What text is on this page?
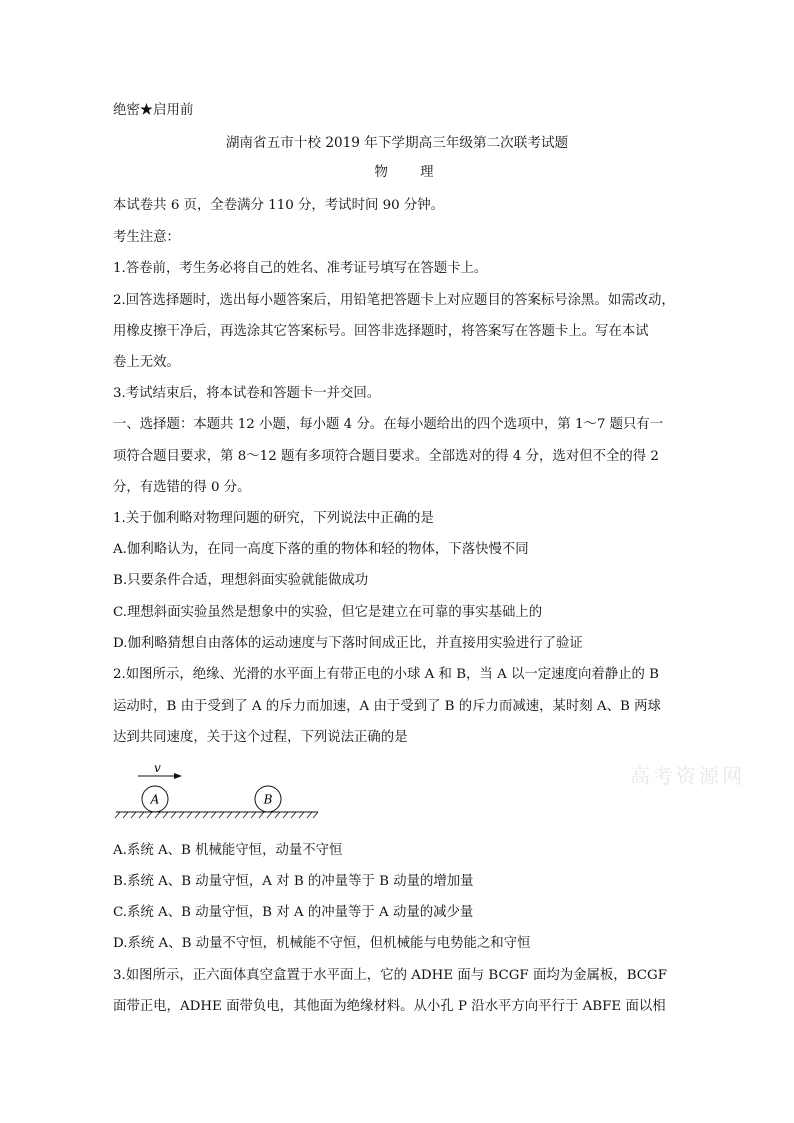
绝密★启用前
湖南省五市十校 2019 年下学期高三年级第二次联考试题
物 理
本试卷共 6 页，全卷满分 110 分，考试时间 90 分钟。
考生注意：
1.答卷前，考生务必将自己的姓名、准考证号填写在答题卡上。
2.回答选择题时，选出每小题答案后，用铅笔把答题卡上对应题目的答案标号涂黑。如需改动，
用橡皮擦干净后，再选涂其它答案标号。回答非选择题时，将答案写在答题卡上。写在本试
卷上无效。
3.考试结束后，将本试卷和答题卡一并交回。
一、选择题：本题共 12 小题，每小题 4 分。在每小题给出的四个选项中，第 1～7 题只有一
项符合题目要求，第 8～12 题有多项符合题目要求。全部选对的得 4 分，选对但不全的得 2
分，有选错的得 0 分。
1.关于伽利略对物理问题的研究，下列说法中正确的是
A.伽利略认为，在同一高度下落的重的物体和轻的物体，下落快慢不同
B.只要条件合适，理想斜面实验就能做成功
C.理想斜面实验虽然是想象中的实验，但它是建立在可靠的事实基础上的
D.伽利略猜想自由落体的运动速度与下落时间成正比，并直接用实验进行了验证
2.如图所示，绝缘、光滑的水平面上有带正电的小球 A 和 B，当 A 以一定速度向着静止的 B
运动时，B 由于受到了 A 的斥力而加速，A 由于受到了 B 的斥力而减速，某时刻 A、B 两球
达到共同速度，关于这个过程，下列说法正确的是
v
A	B
高考资源网
A.系统 A、B 机械能守恒，动量不守恒
B.系统 A、B 动量守恒，A 对 B 的冲量等于 B 动量的增加量
C.系统 A、B 动量守恒，B 对 A 的冲量等于 A 动量的减少量
D.系统 A、B 动量不守恒，机械能不守恒，但机械能与电势能之和守恒
3.如图所示，正六面体真空盒置于水平面上，它的 ADHE 面与 BCGF 面均为金属板，BCGF
面带正电，ADHE 面带负电，其他面为绝缘材料。从小孔 P 沿水平方向平行于 ABFE 面以相
